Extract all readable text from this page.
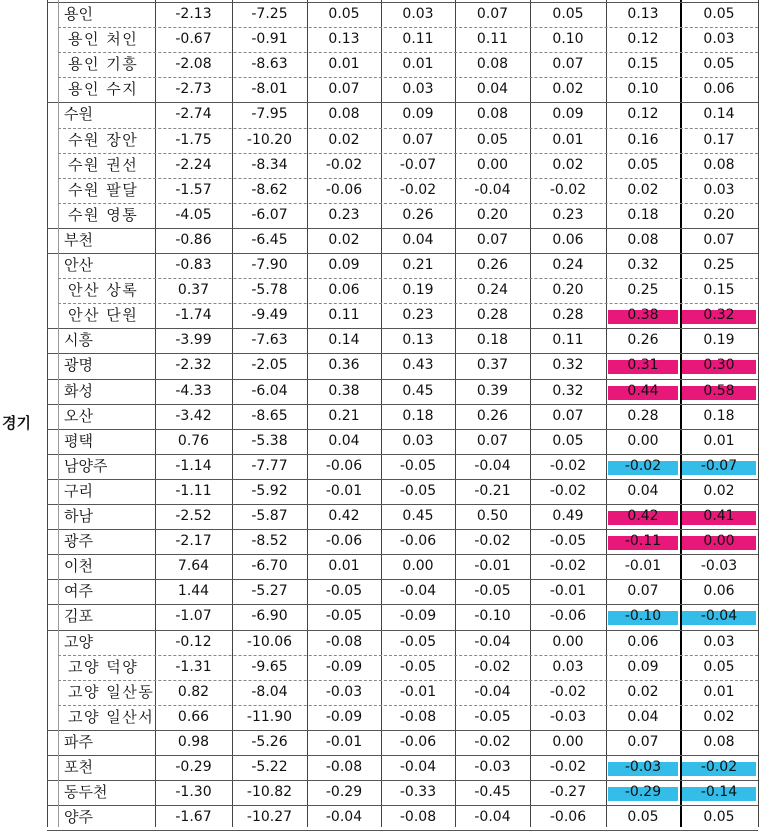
경기
용인	-2.13	-7.25	0.05	0.03	0.07	0.05	0.13	0.05
용인 처인	-0.67	-0.91	0.13	0.11	0.11	0.10	0.12	0.03
용인 기흥	-2.08	-8.63	0.01	0.01	0.08	0.07	0.15	0.05
용인 수지	-2.73	-8.01	0.07	0.03	0.04	0.02	0.10	0.06
수원	-2.74	-7.95	0.08	0.09	0.08	0.09	0.12	0.14
수원 장안	-1.75	-10.20	0.02	0.07	0.05	0.01	0.16	0.17
수원 권선	-2.24	-8.34	-0.02	-0.07	0.00	0.02	0.05	0.08
수원 팔달	-1.57	-8.62	-0.06	-0.02	-0.04	-0.02	0.02	0.03
수원 영통	-4.05	-6.07	0.23	0.26	0.20	0.23	0.18	0.20
부천	-0.86	-6.45	0.02	0.04	0.07	0.06	0.08	0.07
안산	-0.83	-7.90	0.09	0.21	0.26	0.24	0.32	0.25
안산 상록	0.37	-5.78	0.06	0.19	0.24	0.20	0.25	0.15
안산 단원	-1.74	-9.49	0.11	0.23	0.28	0.28	0.38	0.32
시흥	-3.99	-7.63	0.14	0.13	0.18	0.11	0.26	0.19
광명	-2.32	-2.05	0.36	0.43	0.37	0.32	0.31	0.30
화성	-4.33	-6.04	0.38	0.45	0.39	0.32	0.44	0.58
오산	-3.42	-8.65	0.21	0.18	0.26	0.07	0.28	0.18
평택	0.76	-5.38	0.04	0.03	0.07	0.05	0.00	0.01
남양주	-1.14	-7.77	-0.06	-0.05	-0.04	-0.02	-0.02	-0.07
구리	-1.11	-5.92	-0.01	-0.05	-0.21	-0.02	0.04	0.02
하남	-2.52	-5.87	0.42	0.45	0.50	0.49	0.42	0.41
광주	-2.17	-8.52	-0.06	-0.06	-0.02	-0.05	-0.11	0.00
이천	7.64	-6.70	0.01	0.00	-0.01	-0.02	-0.01	-0.03
여주	1.44	-5.27	-0.05	-0.04	-0.05	-0.01	0.07	0.06
김포	-1.07	-6.90	-0.05	-0.09	-0.10	-0.06	-0.10	-0.04
고양	-0.12	-10.06	-0.08	-0.05	-0.04	0.00	0.06	0.03
고양 덕양	-1.31	-9.65	-0.09	-0.05	-0.02	0.03	0.09	0.05
고양 일산동	0.82	-8.04	-0.03	-0.01	-0.04	-0.02	0.02	0.01
고양 일산서	0.66	-11.90	-0.09	-0.08	-0.05	-0.03	0.04	0.02
파주	0.98	-5.26	-0.01	-0.06	-0.02	0.00	0.07	0.08
포천	-0.29	-5.22	-0.08	-0.04	-0.03	-0.02	-0.03	-0.02
동두천	-1.30	-10.82	-0.29	-0.33	-0.45	-0.27	-0.29	-0.14
양주	-1.67	-10.27	-0.04	-0.08	-0.04	-0.06	0.05	0.05
